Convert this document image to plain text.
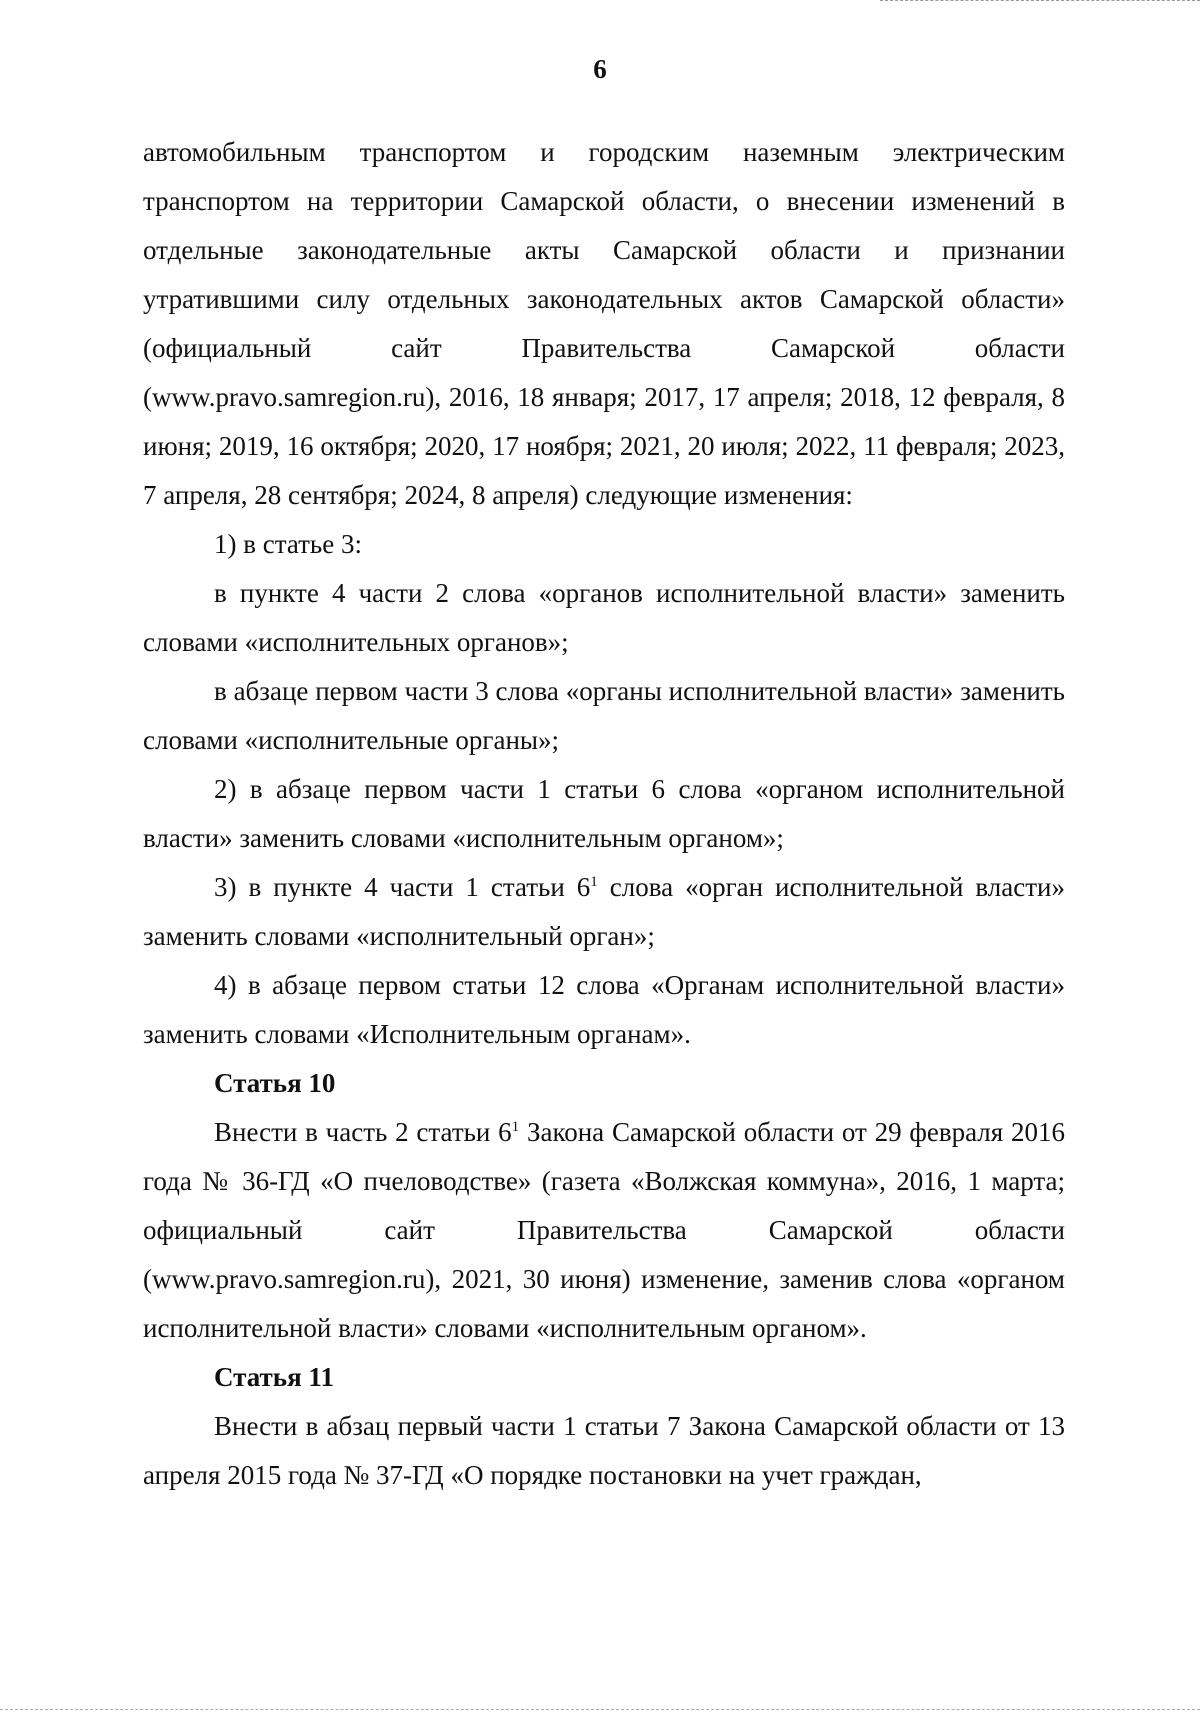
6

автомобильным транспортом и городским наземным электрическим транспортом на территории Самарской области, о внесении изменений в отдельные законодательные акты Самарской области и признании утратившими силу отдельных законодательных актов Самарской области» (официальный сайт Правительства Самарской области (www.pravo.samregion.ru), 2016, 18 января; 2017, 17 апреля; 2018, 12 февраля, 8 июня; 2019, 16 октября; 2020, 17 ноября; 2021, 20 июля; 2022, 11 февраля; 2023, 7 апреля, 28 сентября; 2024, 8 апреля) следующие изменения:

1) в статье 3:

в пункте 4 части 2 слова «органов исполнительной власти» заменить словами «исполнительных органов»;

в абзаце первом части 3 слова «органы исполнительной власти» заменить словами «исполнительные органы»;

2) в абзаце первом части 1 статьи 6 слова «органом исполнительной власти» заменить словами «исполнительным органом»;

3) в пункте 4 части 1 статьи $6^1$ слова «орган исполнительной власти» заменить словами «исполнительный орган»;

4) в абзаце первом статьи 12 слова «Органам исполнительной власти» заменить словами «Исполнительным органам».

Статья 10

Внести в часть 2 статьи $6^1$ Закона Самарской области от 29 февраля 2016 года № 36-ГД «О пчеловодстве» (газета «Волжская коммуна», 2016, 1 марта; официальный сайт Правительства Самарской области (www.pravo.samregion.ru), 2021, 30 июня) изменение, заменив слова «органом исполнительной власти» словами «исполнительным органом».

Статья 11

Внести в абзац первый части 1 статьи 7 Закона Самарской области от 13 апреля 2015 года № 37-ГД «О порядке постановки на учет граждан,
